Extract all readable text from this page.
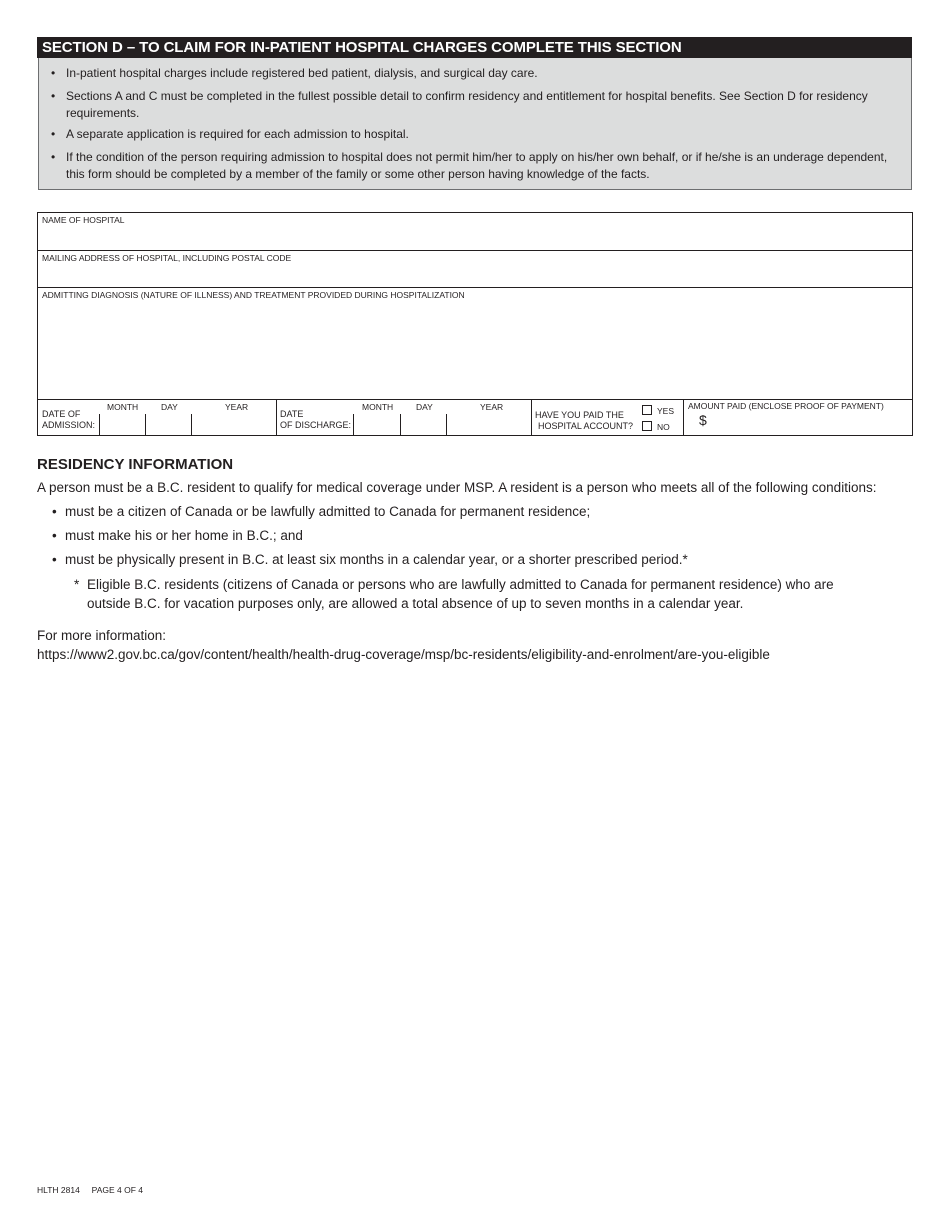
SECTION D – TO CLAIM FOR IN-PATIENT HOSPITAL CHARGES COMPLETE THIS SECTION
• In-patient hospital charges include registered bed patient, dialysis, and surgical day care.
• Sections A and C must be completed in the fullest possible detail to confirm residency and entitlement for hospital benefits. See Section D for residency requirements.
• A separate application is required for each admission to hospital.
• If the condition of the person requiring admission to hospital does not permit him/her to apply on his/her own behalf, or if he/she is an underage dependent, this form should be completed by a member of the family or some other person having knowledge of the facts.
NAME OF HOSPITAL
MAILING ADDRESS OF HOSPITAL, INCLUDING POSTAL CODE
ADMITTING DIAGNOSIS (NATURE OF ILLNESS) AND TREATMENT PROVIDED DURING HOSPITALIZATION
DATE OF
ADMISSION:
MONTH	DAY	YEAR
DATE
OF DISCHARGE:
MONTH	DAY	YEAR
HAVE YOU PAID THE
HOSPITAL ACCOUNT?
YES
NO
AMOUNT PAID (ENCLOSE PROOF OF PAYMENT)
$
RESIDENCY INFORMATION
A person must be a B.C. resident to qualify for medical coverage under MSP. A resident is a person who meets all of the following conditions:
• must be a citizen of Canada or be lawfully admitted to Canada for permanent residence;
• must make his or her home in B.C.; and
• must be physically present in B.C. at least six months in a calendar year, or a shorter prescribed period.*
* Eligible B.C. residents (citizens of Canada or persons who are lawfully admitted to Canada for permanent residence) who are outside B.C. for vacation purposes only, are allowed a total absence of up to seven months in a calendar year.
For more information:
https://www2.gov.bc.ca/gov/content/health/health-drug-coverage/msp/bc-residents/eligibility-and-enrolment/are-you-eligible
HLTH 2814 PAGE 4 OF 4
